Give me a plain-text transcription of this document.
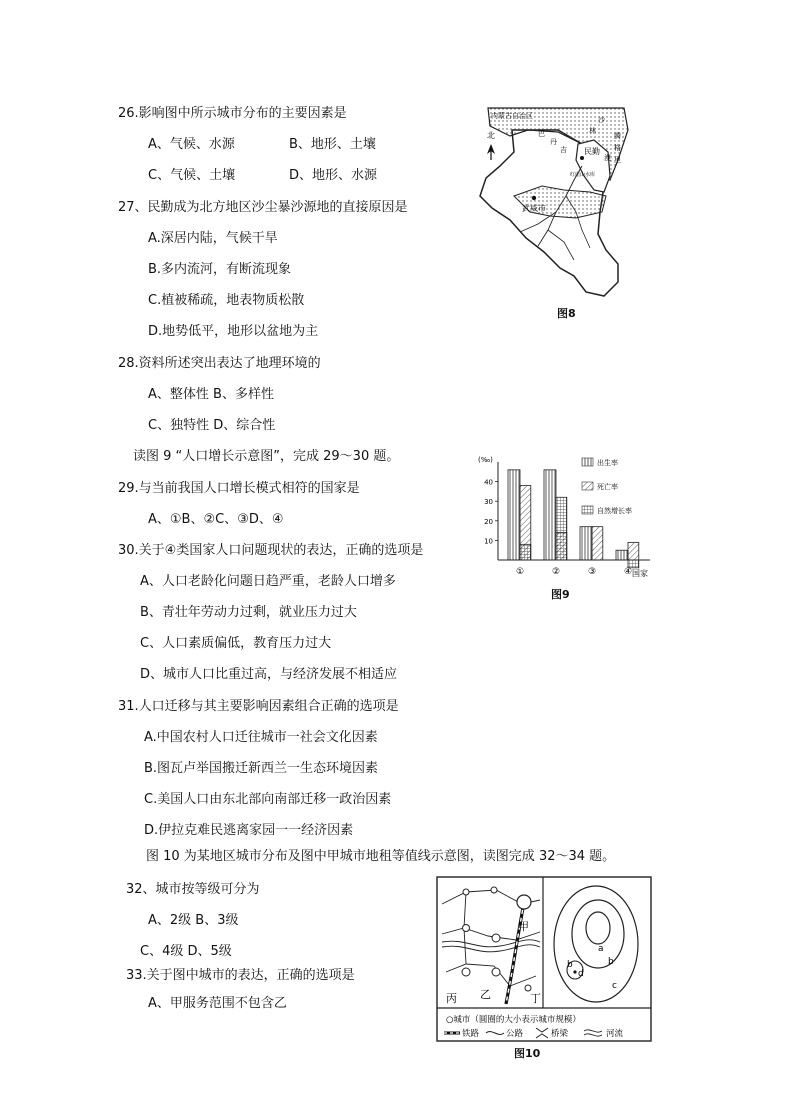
26.影响图中所示城市分布的主要因素是
A、气候、水源	B、地形、土壤
C、气候、土壤	D、地形、水源
27、民勤成为北方地区沙尘暴沙源地的直接原因是
A.深居内陆，气候干旱
B.多内流河，有断流现象
C.植被稀疏，地表物质松散
D.地势低平，地形以盆地为主
28.资料所述突出表达了地理环境的
A、整体性 B、多样性
C、独特性 D、综合性
读图 9 “人口增长示意图”，完成 29～30 题。
29.与当前我国人口增长模式相符的国家是
A、①B、②C、③D、④
30.关于④类国家人口问题现状的表达，正确的选项是
A、人口老龄化问题日趋严重，老龄人口增多
B、青壮年劳动力过剩，就业压力过大
C、人口素质偏低，教育压力过大
D、城市人口比重过高，与经济发展不相适应
31.人口迁移与其主要影响因素组合正确的选项是
A.中国农村人口迁往城市一社会文化因素
B.图瓦卢举国搬迁新西兰一生态环境因素
C.美国人口由东北部向南部迁移一政治因素
D.伊拉克难民逃离家园一一经济因素
图 10 为某地区城市分布及图中甲城市地租等值线示意图，读图完成 32～34 题。
32、城市按等级可分为
A、2级 B、3级
C、4级 D、5级
33.关于图中城市的表达，正确的选项是
A、甲服务范围不包含乙
北
内蒙古自治区
巴
丹
吉
林
沙
漠
腾
格
里
民勤
红崖山水库
武威市
图8
(‰)
10
20
30
40
①	②	③	④
出生率
死亡率
自然增长率
国家
图9
甲
乙
丙	丁
a
b
b
d
c
○城市（圆圈的大小表示城市规模）
铁路	公路	桥梁	河流
图10
